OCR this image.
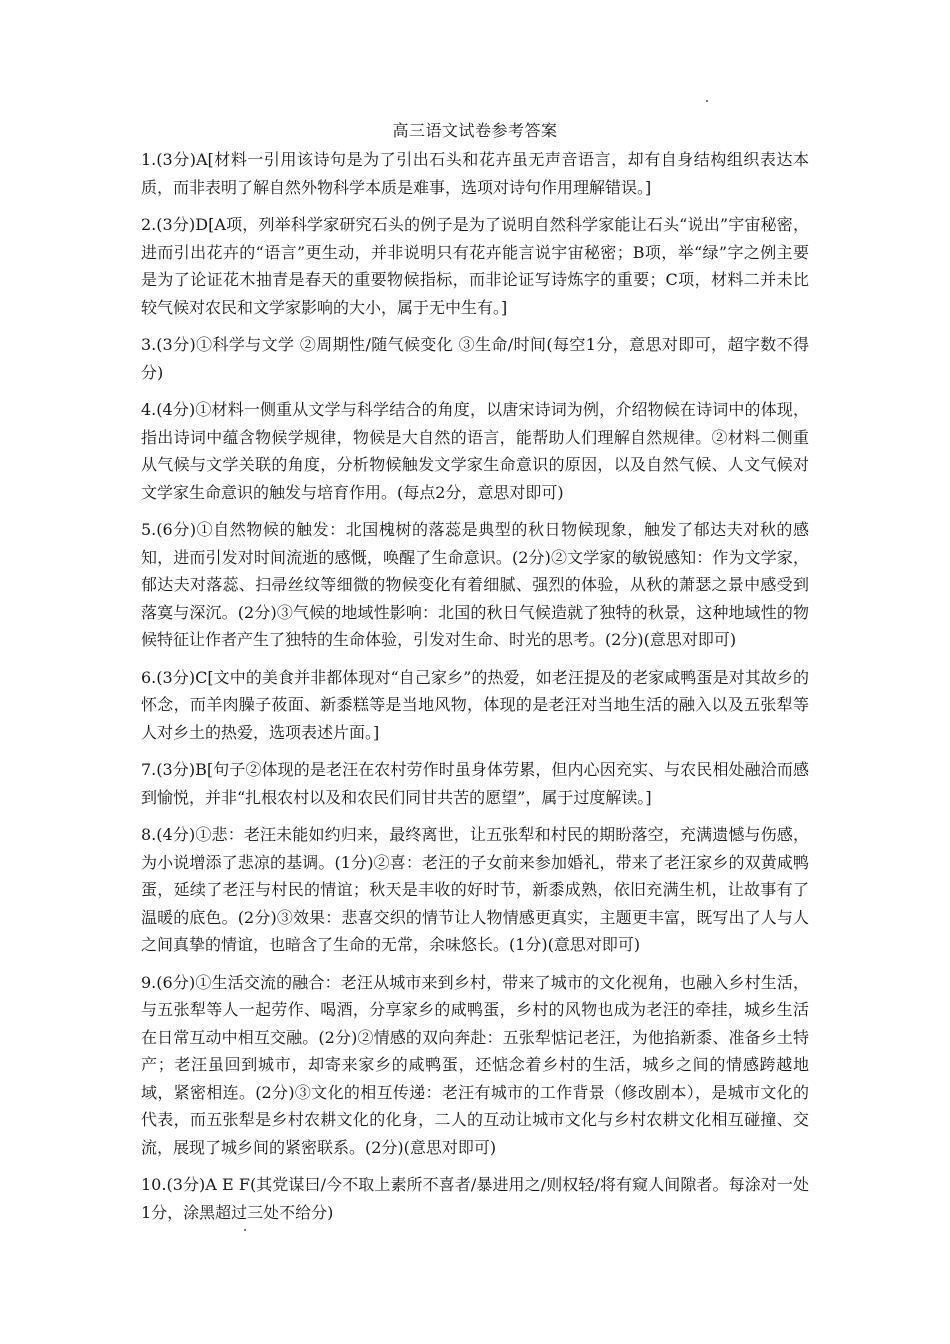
高三语文试卷参考答案

1.(3分)A[材料一引用该诗句是为了引出石头和花卉虽无声音语言，却有自身结构组织表达本质，而非表明了解自然外物科学本质是难事，选项对诗句作用理解错误。]

2.(3分)D[A项，列举科学家研究石头的例子是为了说明自然科学家能让石头“说出”宇宙秘密，进而引出花卉的“语言”更生动，并非说明只有花卉能言说宇宙秘密；B项，举“绿”字之例主要是为了论证花木抽青是春天的重要物候指标，而非论证写诗炼字的重要；C项，材料二并未比较气候对农民和文学家影响的大小，属于无中生有。]

3.(3分)①科学与文学 ②周期性/随气候变化 ③生命/时间(每空1分，意思对即可，超字数不得分)

4.(4分)①材料一侧重从文学与科学结合的角度，以唐宋诗词为例，介绍物候在诗词中的体现，指出诗词中蕴含物候学规律，物候是大自然的语言，能帮助人们理解自然规律。②材料二侧重从气候与文学关联的角度，分析物候触发文学家生命意识的原因，以及自然气候、人文气候对文学家生命意识的触发与培育作用。(每点2分，意思对即可)

5.(6分)①自然物候的触发：北国槐树的落蕊是典型的秋日物候现象，触发了郁达夫对秋的感知，进而引发对时间流逝的感慨，唤醒了生命意识。(2分)②文学家的敏锐感知：作为文学家，郁达夫对落蕊、扫帚丝纹等细微的物候变化有着细腻、强烈的体验，从秋的萧瑟之景中感受到落寞与深沉。(2分)③气候的地域性影响：北国的秋日气候造就了独特的秋景，这种地域性的物候特征让作者产生了独特的生命体验，引发对生命、时光的思考。(2分)(意思对即可)

6.(3分)C[文中的美食并非都体现对“自己家乡”的热爱，如老汪提及的老家咸鸭蛋是对其故乡的怀念，而羊肉臊子莜面、新黍糕等是当地风物，体现的是老汪对当地生活的融入以及五张犁等人对乡土的热爱，选项表述片面。]

7.(3分)B[句子②体现的是老汪在农村劳作时虽身体劳累，但内心因充实、与农民相处融洽而感到愉悦，并非“扎根农村以及和农民们同甘共苦的愿望”，属于过度解读。]

8.(4分)①悲：老汪未能如约归来，最终离世，让五张犁和村民的期盼落空，充满遗憾与伤感，为小说增添了悲凉的基调。(1分)②喜：老汪的子女前来参加婚礼，带来了老汪家乡的双黄咸鸭蛋，延续了老汪与村民的情谊；秋天是丰收的好时节，新黍成熟，依旧充满生机，让故事有了温暖的底色。(2分)③效果：悲喜交织的情节让人物情感更真实，主题更丰富，既写出了人与人之间真挚的情谊，也暗含了生命的无常，余味悠长。(1分)(意思对即可)

9.(6分)①生活交流的融合：老汪从城市来到乡村，带来了城市的文化视角，也融入乡村生活，与五张犁等人一起劳作、喝酒，分享家乡的咸鸭蛋，乡村的风物也成为老汪的牵挂，城乡生活在日常互动中相互交融。(2分)②情感的双向奔赴：五张犁惦记老汪，为他掐新黍、准备乡土特产；老汪虽回到城市，却寄来家乡的咸鸭蛋，还惦念着乡村的生活，城乡之间的情感跨越地域，紧密相连。(2分)③文化的相互传递：老汪有城市的工作背景（修改剧本），是城市文化的代表，而五张犁是乡村农耕文化的化身，二人的互动让城市文化与乡村农耕文化相互碰撞、交流，展现了城乡间的紧密联系。(2分)(意思对即可)

10.(3分)A E F(其党谋曰/今不取上素所不喜者/暴进用之/则权轻/将有窥人间隙者。每涂对一处1分，涂黑超过三处不给分)
